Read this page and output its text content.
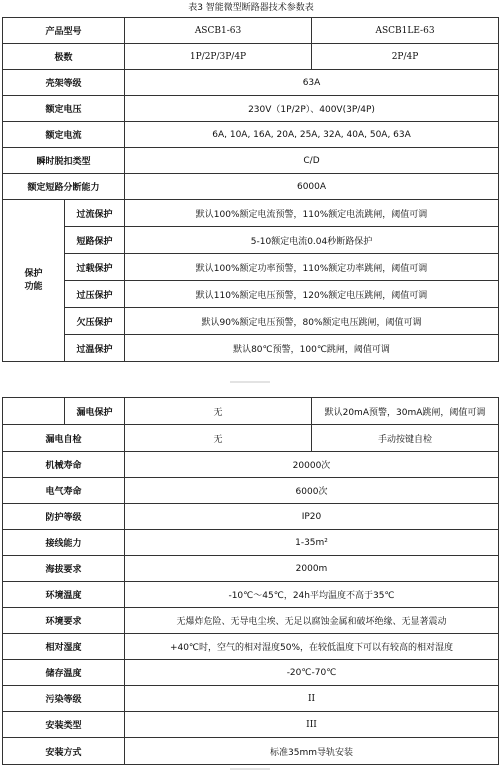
表3 智能微型断路器技术参数表
产品型号		ASCB1-63	ASCB1LE-63
极数		1P/2P/3P/4P	2P/4P
壳架等级		63A	
额定电压		230V（1P/2P）、400V(3P/4P)	
额定电流		6A, 10A, 16A, 20A, 25A, 32A, 40A, 50A, 63A	
瞬时脱扣类型		C/D	
额定短路分断能力		6000A	
保护
功能	过流保护	默认100%额定电流预警，110%额定电流跳闸，阈值可调	
	短路保护	5-10额定电流0.04秒断路保护	
	过载保护	默认100%额定功率预警，110%额定功率跳闸，阈值可调	
	过压保护	默认110%额定电压预警，120%额定电压跳闸，阈值可调	
	欠压保护	默认90%额定电压预警，80%额定电压跳闸，阈值可调	
	过温保护	默认80℃预警，100℃跳闸，阈值可调	
	漏电保护	无	默认20mA预警，30mA跳闸，阈值可调
漏电自检		无	手动按键自检
机械寿命		20000次	
电气寿命		6000次	
防护等级		IP20	
接线能力		1-35m²	
海拔要求		2000m	
环境温度		-10℃～45℃，24h平均温度不高于35℃	
环境要求		无爆炸危险、无导电尘埃、无足以腐蚀金属和破坏绝缘、无显著震动	
相对湿度		+40℃时，空气的相对湿度50%，在较低温度下可以有较高的相对湿度	
储存温度		-20℃-70℃	
污染等级		II	
安装类型		III	
安装方式		标准35mm导轨安装	
